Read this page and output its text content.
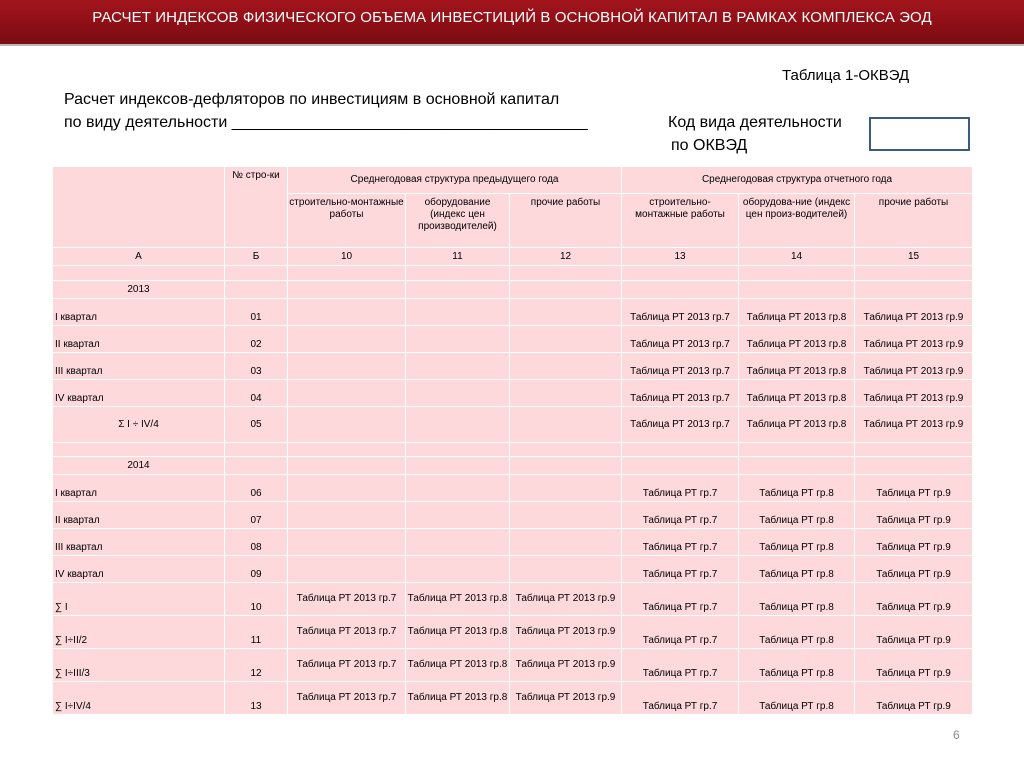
РАСЧЕТ ИНДЕКСОВ ФИЗИЧЕСКОГО ОБЪЕМА ИНВЕСТИЦИЙ В ОСНОВНОЙ КАПИТАЛ В РАМКАХ КОМПЛЕКСА ЭОД
Таблица 1-ОКВЭД
Расчет индексов-дефляторов по инвестициям в основной капитал
по виду деятельности ________________________________________	Код вида деятельности
по ОКВЭД
	№ стро-ки	Среднегодовая структура предыдущего года			Среднегодовая структура отчетного года		
		строительно-монтажные работы	оборудование (индекс цен производителей)	прочие работы	строительно-монтажные работы	оборудова-ние (индекс цен произ-водителей)	прочие работы
А	Б	10	11	12	13	14	15

2013							
I квартал	01				Таблица РТ 2013 гр.7	Таблица РТ 2013 гр.8	Таблица РТ 2013 гр.9
II квартал	02				Таблица РТ 2013 гр.7	Таблица РТ 2013 гр.8	Таблица РТ 2013 гр.9
III квартал	03				Таблица РТ 2013 гр.7	Таблица РТ 2013 гр.8	Таблица РТ 2013 гр.9
IV квартал	04				Таблица РТ 2013 гр.7	Таблица РТ 2013 гр.8	Таблица РТ 2013 гр.9
Σ I ÷ IV/4	05				Таблица РТ 2013 гр.7	Таблица РТ 2013 гр.8	Таблица РТ 2013 гр.9

2014							
I квартал	06				Таблица РТ гр.7	Таблица РТ гр.8	Таблица РТ гр.9
II квартал	07				Таблица РТ гр.7	Таблица РТ гр.8	Таблица РТ гр.9
III квартал	08				Таблица РТ гр.7	Таблица РТ гр.8	Таблица РТ гр.9
IV квартал	09				Таблица РТ гр.7	Таблица РТ гр.8	Таблица РТ гр.9
∑ I	10	Таблица РТ 2013 гр.7	Таблица РТ 2013 гр.8	Таблица РТ 2013 гр.9	Таблица РТ гр.7	Таблица РТ гр.8	Таблица РТ гр.9
∑ I÷II/2	11	Таблица РТ 2013 гр.7	Таблица РТ 2013 гр.8	Таблица РТ 2013 гр.9	Таблица РТ гр.7	Таблица РТ гр.8	Таблица РТ гр.9
∑ I÷III/3	12	Таблица РТ 2013 гр.7	Таблица РТ 2013 гр.8	Таблица РТ 2013 гр.9	Таблица РТ гр.7	Таблица РТ гр.8	Таблица РТ гр.9
∑ I÷IV/4	13	Таблица РТ 2013 гр.7	Таблица РТ 2013 гр.8	Таблица РТ 2013 гр.9	Таблица РТ гр.7	Таблица РТ гр.8	Таблица РТ гр.9
6
